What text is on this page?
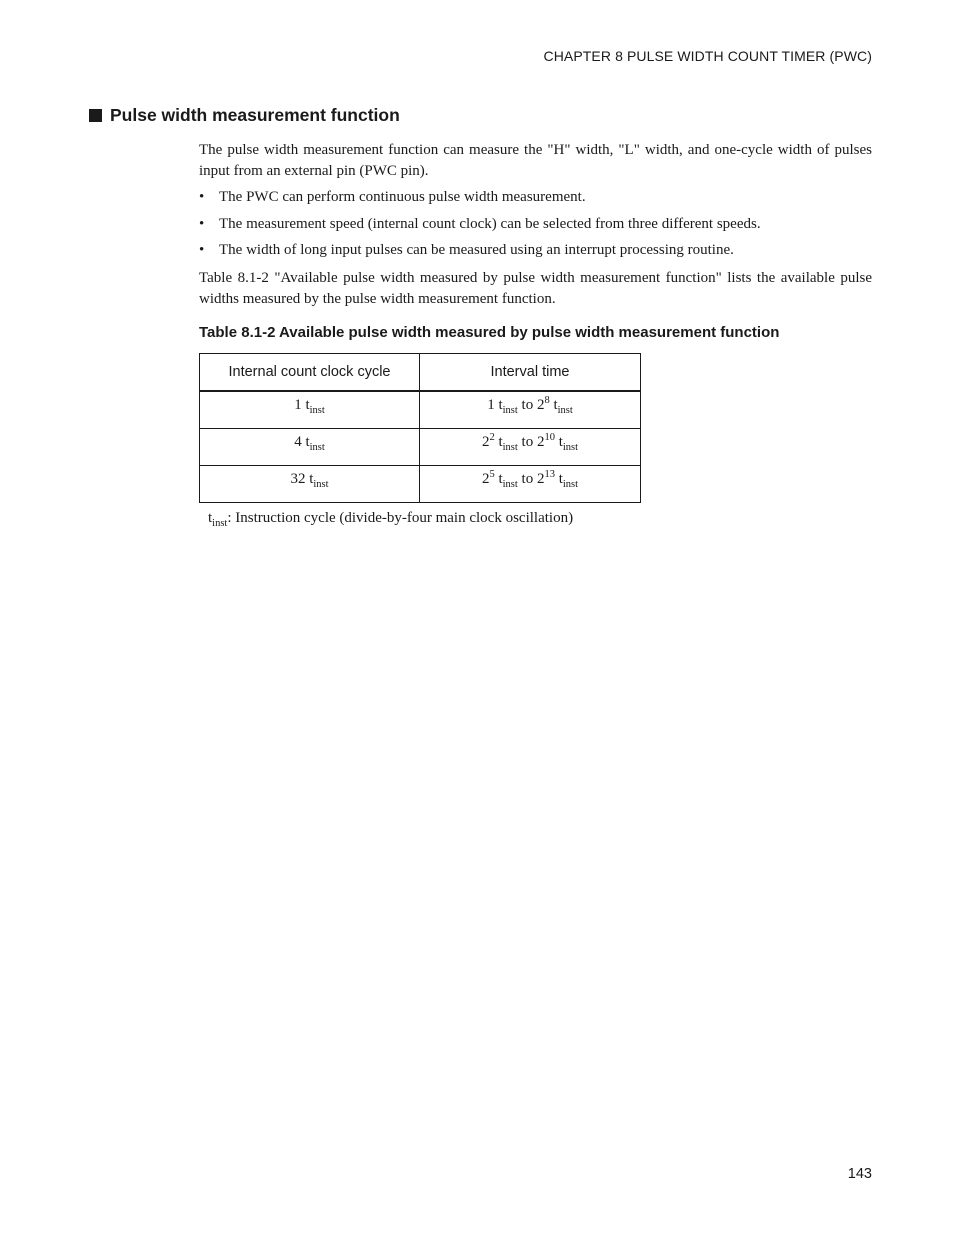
CHAPTER 8 PULSE WIDTH COUNT TIMER (PWC)
Pulse width measurement function

The pulse width measurement function can measure the "H" width, "L" width, and one-cycle width of pulses input from an external pin (PWC pin).

• The PWC can perform continuous pulse width measurement.
• The measurement speed (internal count clock) can be selected from three different speeds.
• The width of long input pulses can be measured using an interrupt processing routine.

Table 8.1-2 "Available pulse width measured by pulse width measurement function" lists the available pulse widths measured by the pulse width measurement function.

Table 8.1-2 Available pulse width measured by pulse width measurement function
Internal count clock cycle	Interval time
1 $t_{inst}$	1 $t_{inst}$ to $2^8$ $t_{inst}$
4 $t_{inst}$	$2^2$ $t_{inst}$ to $2^{10}$ $t_{inst}$
32 $t_{inst}$	$2^5$ $t_{inst}$ to $2^{13}$ $t_{inst}$
$t_{inst}$: Instruction cycle (divide-by-four main clock oscillation)
143
